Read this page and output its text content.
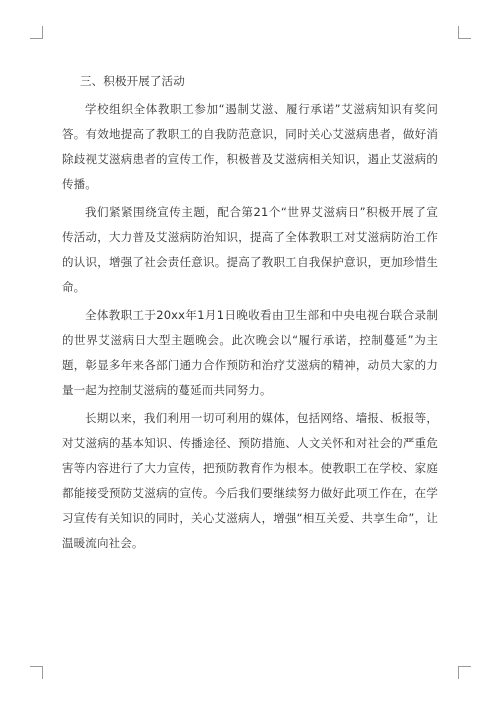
三、积极开展了活动

学校组织全体教职工参加“遏制艾滋、履行承诺”艾滋病知识有奖问答。有效地提高了教职工的自我防范意识，同时关心艾滋病患者，做好消除歧视艾滋病患者的宣传工作，积极普及艾滋病相关知识，遏止艾滋病的传播。

我们紧紧围绕宣传主题，配合第21个“世界艾滋病日”积极开展了宣传活动，大力普及艾滋病防治知识，提高了全体教职工对艾滋病防治工作的认识，增强了社会责任意识。提高了教职工自我保护意识，更加珍惜生命。

全体教职工于20xx年1月1日晚收看由卫生部和中央电视台联合录制的世界艾滋病日大型主题晚会。此次晚会以“履行承诺，控制蔓延”为主题，彰显多年来各部门通力合作预防和治疗艾滋病的精神，动员大家的力量一起为控制艾滋病的蔓延而共同努力。

长期以来，我们利用一切可利用的媒体，包括网络、墙报、板报等，对艾滋病的基本知识、传播途径、预防措施、人文关怀和对社会的严重危害等内容进行了大力宣传，把预防教育作为根本。使教职工在学校、家庭都能接受预防艾滋病的宣传。今后我们要继续努力做好此项工作在，在学习宣传有关知识的同时，关心艾滋病人，增强“相互关爱、共享生命”，让温暖流向社会。
